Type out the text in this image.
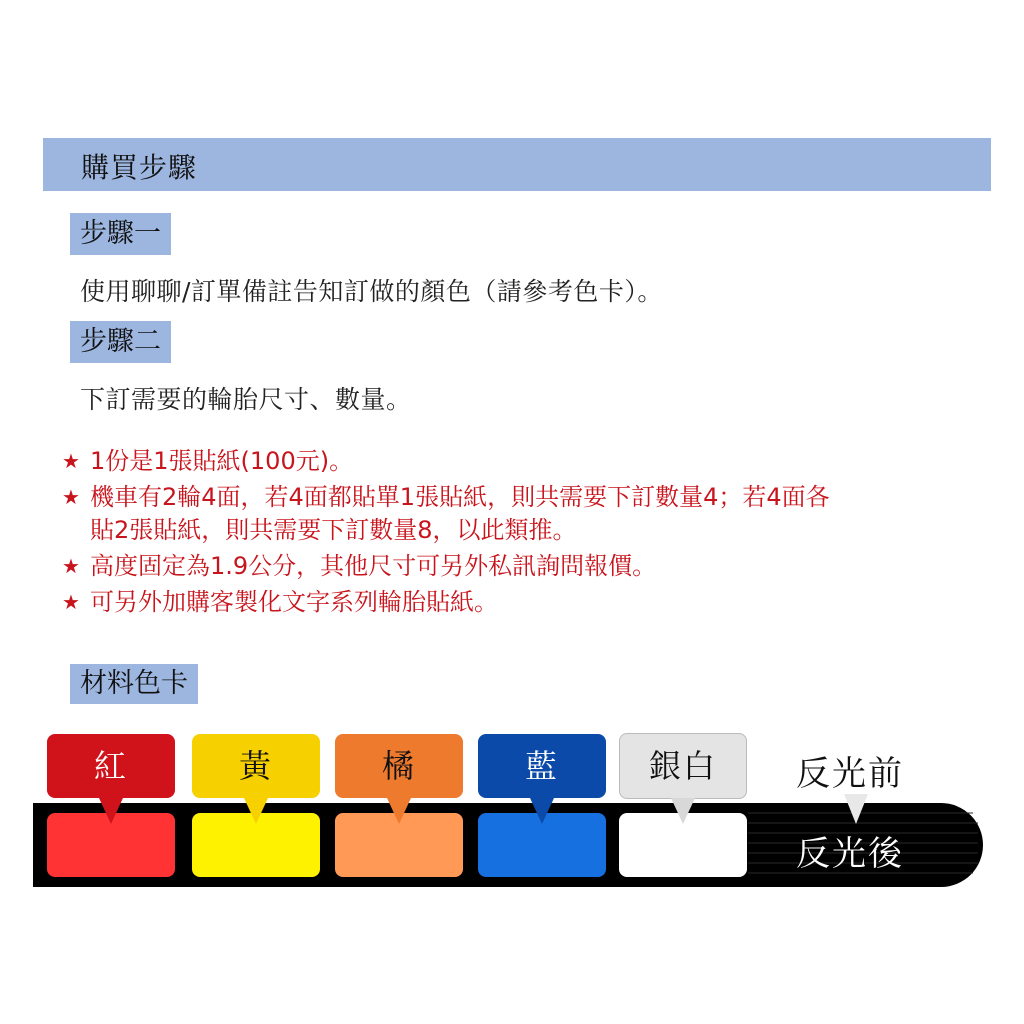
購買步驟
步驟一
使用聊聊/訂單備註告知訂做的顏色（請參考色卡）。
步驟二
下訂需要的輪胎尺寸、數量。
★ 1份是1張貼紙(100元)。
★ 機車有2輪4面，若4面都貼單1張貼紙，則共需要下訂數量4；若4面各
貼2張貼紙，則共需要下訂數量8，以此類推。
★ 高度固定為1.9公分，其他尺寸可另外私訊詢問報價。
★ 可另外加購客製化文字系列輪胎貼紙。
材料色卡
紅	黃	橘	藍	銀白	反光前
反光後
